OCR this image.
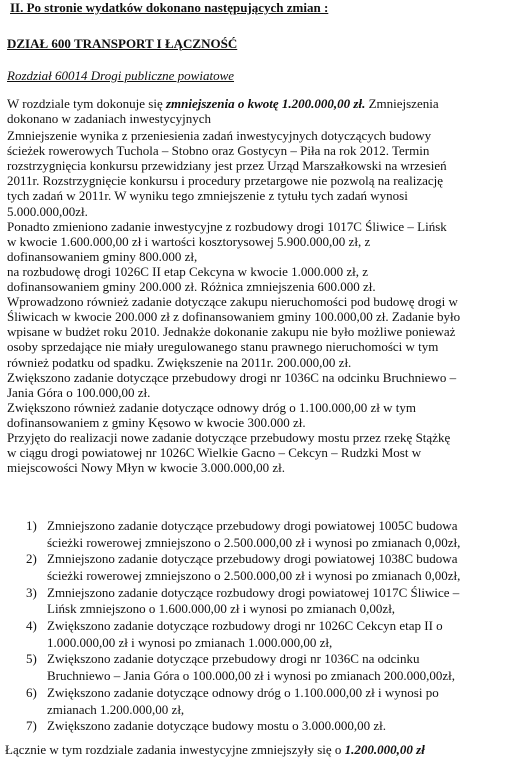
II. Po stronie wydatków dokonano następujących zmian :
DZIAŁ 600 TRANSPORT I ŁĄCZNOŚĆ
Rozdział 60014 Drogi publiczne powiatowe
W rozdziale tym dokonuje się zmniejszenia o kwotę 1.200.000,00 zł. Zmniejszenia
dokonano w zadaniach inwestycyjnych
Zmniejszenie wynika z przeniesienia zadań inwestycyjnych dotyczących budowy
ścieżek rowerowych Tuchola – Stobno oraz Gostycyn – Piła na rok 2012. Termin
rozstrzygnięcia konkursu przewidziany jest przez Urząd Marszałkowski na wrzesień
2011r. Rozstrzygnięcie konkursu i procedury przetargowe nie pozwolą na realizację
tych zadań w 2011r. W wyniku tego zmniejszenie z tytułu tych zadań wynosi
5.000.000,00zł.
Ponadto zmieniono zadanie inwestycyjne z rozbudowy drogi 1017C Śliwice – Lińsk
w kwocie 1.600.000,00 zł i wartości kosztorysowej 5.900.000,00 zł, z
dofinansowaniem gminy 800.000 zł,
na rozbudowę drogi 1026C II etap Cekcyna w kwocie 1.000.000 zł, z
dofinansowaniem gminy 200.000 zł. Różnica zmniejszenia 600.000 zł.
Wprowadzono również zadanie dotyczące zakupu nieruchomości pod budowę drogi w
Śliwicach w kwocie 200.000 zł z dofinansowaniem gminy 100.000,00 zł. Zadanie było
wpisane w budżet roku 2010. Jednakże dokonanie zakupu nie było możliwe ponieważ
osoby sprzedające nie miały uregulowanego stanu prawnego nieruchomości w tym
również podatku od spadku. Zwiększenie na 2011r. 200.000,00 zł.
Zwiększono zadanie dotyczące przebudowy drogi nr 1036C na odcinku Bruchniewo –
Jania Góra o 100.000,00 zł.
Zwiększono również zadanie dotyczące odnowy dróg o 1.100.000,00 zł w tym
dofinansowaniem z gminy Kęsowo w kwocie 300.000 zł.
Przyjęto do realizacji nowe zadanie dotyczące przebudowy mostu przez rzekę Stążkę
w ciągu drogi powiatowej nr 1026C Wielkie Gacno – Cekcyn – Rudzki Most w
miejscowości Nowy Młyn w kwocie 3.000.000,00 zł.
1) Zmniejszono zadanie dotyczące przebudowy drogi powiatowej 1005C budowa
ścieżki rowerowej zmniejszono o 2.500.000,00 zł i wynosi po zmianach 0,00zł,
2) Zmniejszono zadanie dotyczące przebudowy drogi powiatowej 1038C budowa
ścieżki rowerowej zmniejszono o 2.500.000,00 zł i wynosi po zmianach 0,00zł,
3) Zmniejszono zadanie dotyczące rozbudowy drogi powiatowej 1017C Śliwice –
Lińsk zmniejszono o 1.600.000,00 zł i wynosi po zmianach 0,00zł,
4) Zwiększono zadanie dotyczące rozbudowy drogi nr 1026C Cekcyn etap II o
1.000.000,00 zł i wynosi po zmianach 1.000.000,00 zł,
5) Zwiększono zadanie dotyczące przebudowy drogi nr 1036C na odcinku
Bruchniewo – Jania Góra o 100.000,00 zł i wynosi po zmianach 200.000,00zł,
6) Zwiększono zadanie dotyczące odnowy dróg o 1.100.000,00 zł i wynosi po
zmianach 1.200.000,00 zł,
7) Zwiększono zadanie dotyczące budowy mostu o 3.000.000,00 zł.
Łącznie w tym rozdziale zadania inwestycyjne zmniejszyły się o 1.200.000,00 zł
